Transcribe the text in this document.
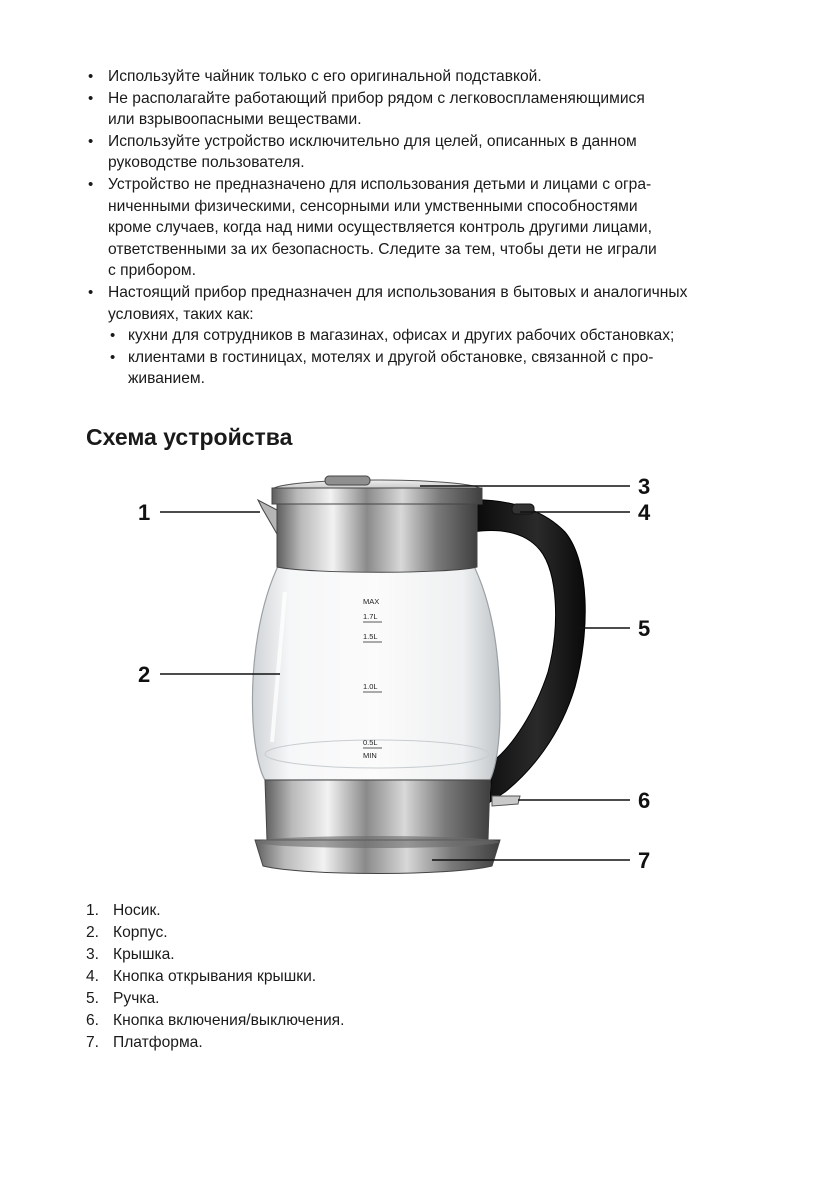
• Используйте чайник только с его оригинальной подставкой.
• Не располагайте работающий прибор рядом с легковоспламеняющимися
или взрывоопасными веществами.
• Используйте устройство исключительно для целей, описанных в данном
руководстве пользователя.
• Устройство не предназначено для использования детьми и лицами с огра-
ниченными физическими, сенсорными или умственными способностями
кроме случаев, когда над ними осуществляется контроль другими лицами,
ответственными за их безопасность. Следите за тем, чтобы дети не играли
с прибором.
• Настоящий прибор предназначен для использования в бытовых и аналогичных
условиях, таких как:
• кухни для сотрудников в магазинах, офисах и других рабочих обстановках;
• клиентами в гостиницах, мотелях и другой обстановке, связанной с про-
живанием.
Схема устройства
MAX
1.7L
1.5L
1.0L
0.5L
MIN
1
2
3
4
5
6
7
1. Носик.
2. Корпус.
3. Крышка.
4. Кнопка открывания крышки.
5. Ручка.
6. Кнопка включения/выключения.
7. Платформа.
